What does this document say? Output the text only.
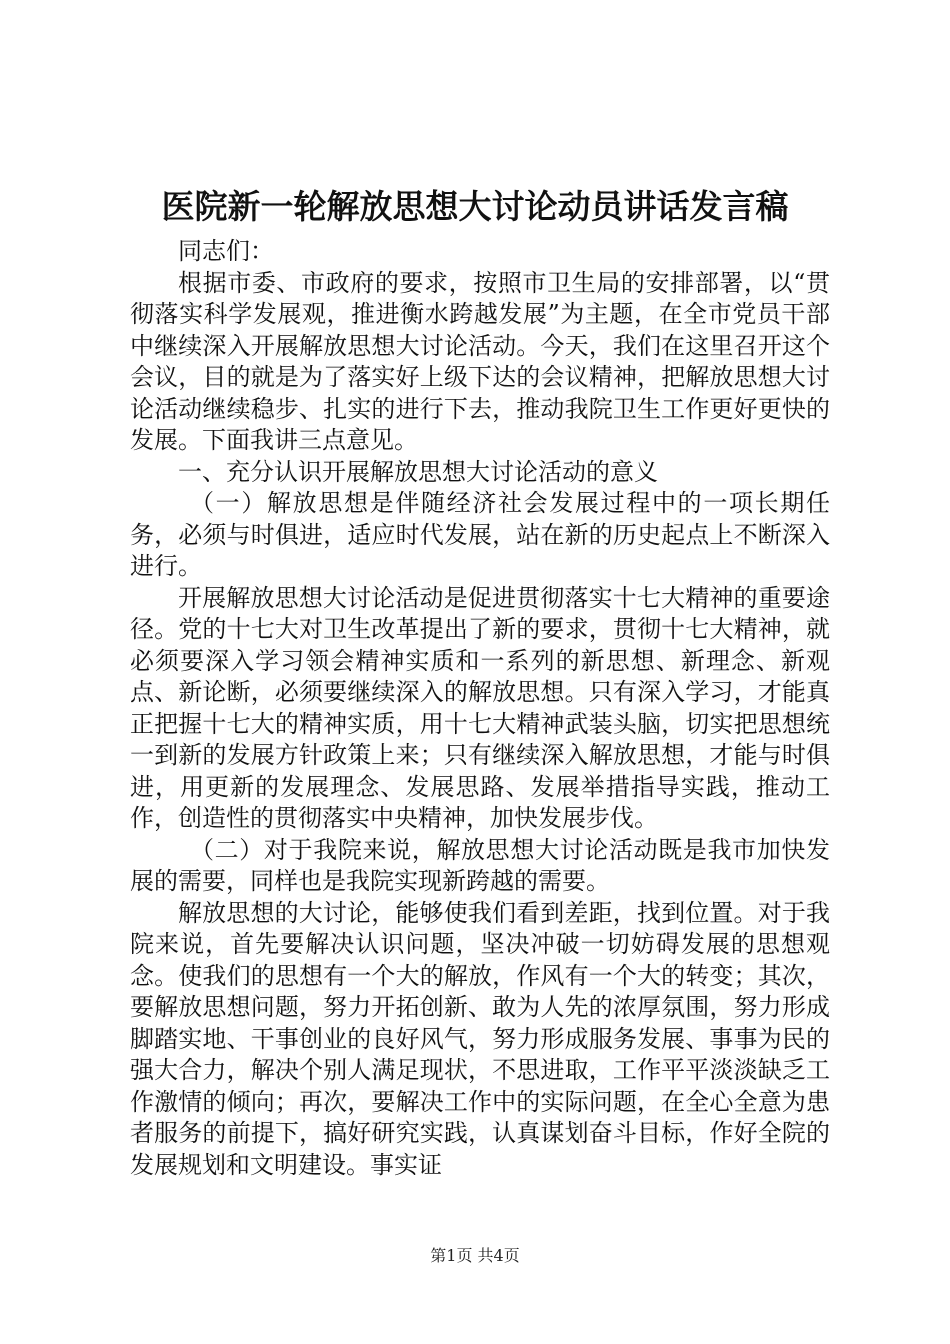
医院新一轮解放思想大讨论动员讲话发言稿

同志们：

根据市委、市政府的要求，按照市卫生局的安排部署，以“贯彻落实科学发展观，推进衡水跨越发展”为主题，在全市党员干部中继续深入开展解放思想大讨论活动。今天，我们在这里召开这个会议，目的就是为了落实好上级下达的会议精神，把解放思想大讨论活动继续稳步、扎实的进行下去，推动我院卫生工作更好更快的发展。下面我讲三点意见。

一、充分认识开展解放思想大讨论活动的意义

（一）解放思想是伴随经济社会发展过程中的一项长期任务，必须与时俱进，适应时代发展，站在新的历史起点上不断深入进行。

开展解放思想大讨论活动是促进贯彻落实十七大精神的重要途径。党的十七大对卫生改革提出了新的要求，贯彻十七大精神，就必须要深入学习领会精神实质和一系列的新思想、新理念、新观点、新论断，必须要继续深入的解放思想。只有深入学习，才能真正把握十七大的精神实质，用十七大精神武装头脑，切实把思想统一到新的发展方针政策上来；只有继续深入解放思想，才能与时俱进，用更新的发展理念、发展思路、发展举措指导实践，推动工作，创造性的贯彻落实中央精神，加快发展步伐。

（二）对于我院来说，解放思想大讨论活动既是我市加快发展的需要，同样也是我院实现新跨越的需要。

解放思想的大讨论，能够使我们看到差距，找到位置。对于我院来说，首先要解决认识问题，坚决冲破一切妨碍发展的思想观念。使我们的思想有一个大的解放，作风有一个大的转变；其次，要解放思想问题，努力开拓创新、敢为人先的浓厚氛围，努力形成脚踏实地、干事创业的良好风气，努力形成服务发展、事事为民的强大合力，解决个别人满足现状，不思进取，工作平平淡淡缺乏工作激情的倾向；再次，要解决工作中的实际问题，在全心全意为患者服务的前提下，搞好研究实践，认真谋划奋斗目标，作好全院的发展规划和文明建设。事实证

第1页 共4页
